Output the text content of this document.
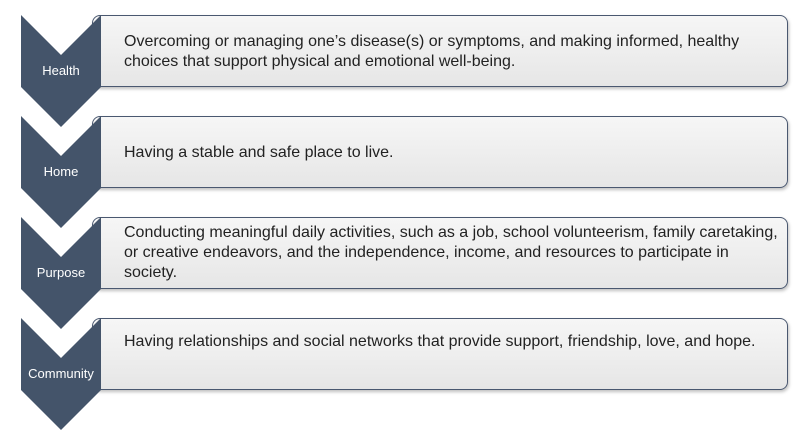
Overcoming or managing one’s disease(s) or symptoms, and making informed, healthy choices that support physical and emotional well-being.
Health
Having a stable and safe place to live.
Home
Conducting meaningful daily activities, such as a job, school volunteerism, family caretaking, or creative endeavors, and the independence, income, and resources to participate in society.
Purpose
Having relationships and social networks that provide support, friendship, love, and hope.
Community
